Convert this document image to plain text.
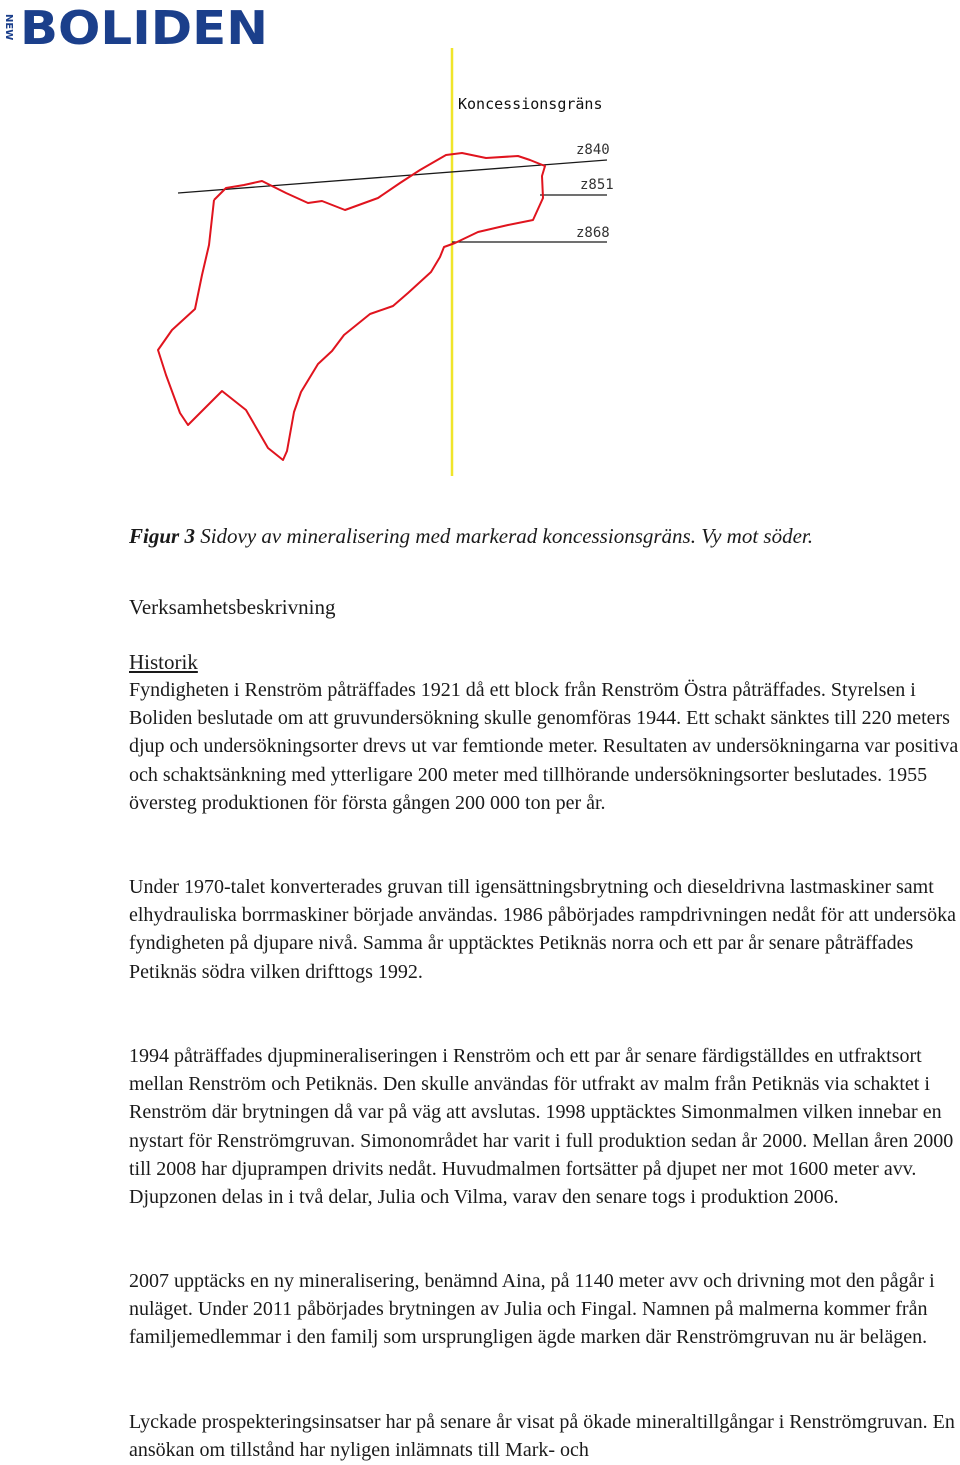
NEW BOLIDEN
Koncessionsgräns
z840
z851
z868

Figur 3 Sidovy av mineralisering med markerad koncessionsgräns. Vy mot söder.

Verksamhetsbeskrivning
Historik

Fyndigheten i Renström påträffades 1921 då ett block från Renström Östra påträffades. Styrelsen i Boliden beslutade om att gruvundersökning skulle genomföras 1944. Ett schakt sänktes till 220 meters djup och undersökningsorter drevs ut var femtionde meter. Resultaten av undersökningarna var positiva och schaktsänkning med ytterligare 200 meter med tillhörande undersökningsorter beslutades. 1955 översteg produktionen för första gången 200 000 ton per år.

Under 1970-talet konverterades gruvan till igensättningsbrytning och dieseldrivna lastmaskiner samt elhydrauliska borrmaskiner började användas. 1986 påbörjades rampdrivningen nedåt för att undersöka fyndigheten på djupare nivå. Samma år upptäcktes Petiknäs norra och ett par år senare påträffades Petiknäs södra vilken drifttogs 1992.

1994 påträffades djupmineraliseringen i Renström och ett par år senare färdigställdes en utfraktsort mellan Renström och Petiknäs. Den skulle användas för utfrakt av malm från Petiknäs via schaktet i Renström där brytningen då var på väg att avslutas. 1998 upptäcktes Simonmalmen vilken innebar en nystart för Renströmgruvan. Simonområdet har varit i full produktion sedan år 2000. Mellan åren 2000 till 2008 har djuprampen drivits nedåt. Huvudmalmen fortsätter på djupet ner mot 1600 meter avv. Djupzonen delas in i två delar, Julia och Vilma, varav den senare togs i produktion 2006.

2007 upptäcks en ny mineralisering, benämnd Aina, på 1140 meter avv och drivning mot den pågår i nuläget. Under 2011 påbörjades brytningen av Julia och Fingal. Namnen på malmerna kommer från familjemedlemmar i den familj som ursprungligen ägde marken där Renströmgruvan nu är belägen.

Lyckade prospekteringsinsatser har på senare år visat på ökade mineraltillgångar i Renströmgruvan. En ansökan om tillstånd har nyligen inlämnats till Mark- och
